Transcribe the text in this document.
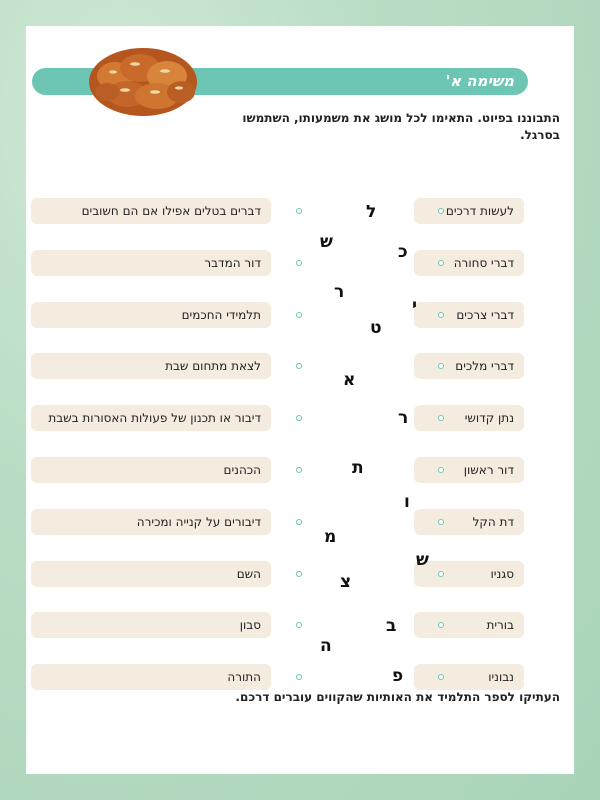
משימה א'
התבוננו בפיוט. התאימו לכל מושג את משמעותו, השתמשו בסרגל.
לעשות דרכים
דברי סחורה
דברי צרכים
דברי מלכים
נתן קדושי
דור ראשון
דת הקל
סגניו
בורית
נבוניו
דברים בטלים אפילו אם הם חשובים
דור המדבר
תלמידי החכמים
לצאת מתחום שבת
דיבור או תכנון של פעולות האסורות בשבת
הכהנים
דיבורים על קנייה ומכירה
השם
סבון
התורה
ל
כ
ש
ר
י
ט
א
ר
ת
ו
מ
ש
צ
ב
ה
פ
העתיקו לספר התלמיד את האותיות שהקווים עוברים דרכם.
